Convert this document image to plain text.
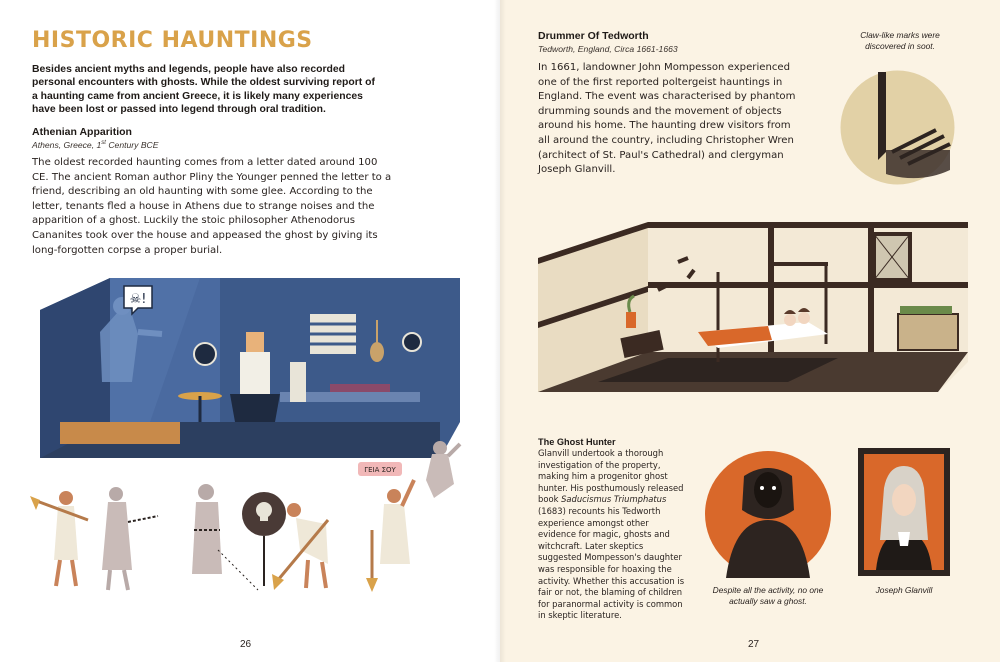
HISTORIC HAUNTINGS
Besides ancient myths and legends, people have also recorded personal encounters with ghosts. While the oldest surviving report of a haunting came from ancient Greece, it is likely many experiences have been lost or passed into legend through oral tradition.
Athenian Apparition
Athens, Greece, 1st Century BCE
The oldest recorded haunting comes from a letter dated around 100 CE. The ancient Roman author Pliny the Younger penned the letter to a friend, describing an old haunting with some glee. According to the letter, tenants fled a house in Athens due to strange noises and the apparition of a ghost. Luckily the stoic philosopher Athenodorus Cananites took over the house and appeased the ghost by giving its long-forgotten corpse a proper burial.
☠!
ΓΕΙΑ ΣΟΥ
26
Drummer Of Tedworth
Tedworth, England, Circa 1661-1663
In 1661, landowner John Mompesson experienced one of the first reported poltergeist hauntings in England. The event was characterised by phantom drumming sounds and the movement of objects around his home. The haunting drew visitors from all around the country, including Christopher Wren (architect of St. Paul's Cathedral) and clergyman Joseph Glanvill.
Claw-like marks were discovered in soot.
The Ghost Hunter
Glanvill undertook a thorough investigation of the property, making him a progenitor ghost hunter. His posthumously released book Saducismus Triumphatus (1683) recounts his Tedworth experience amongst other evidence for magic, ghosts and witchcraft. Later skeptics suggested Mompesson's daughter was responsible for hoaxing the activity. Whether this accusation is fair or not, the blaming of children for paranormal activity is common in skeptic literature.
Despite all the activity, no one actually saw a ghost.
Joseph Glanvill
27
